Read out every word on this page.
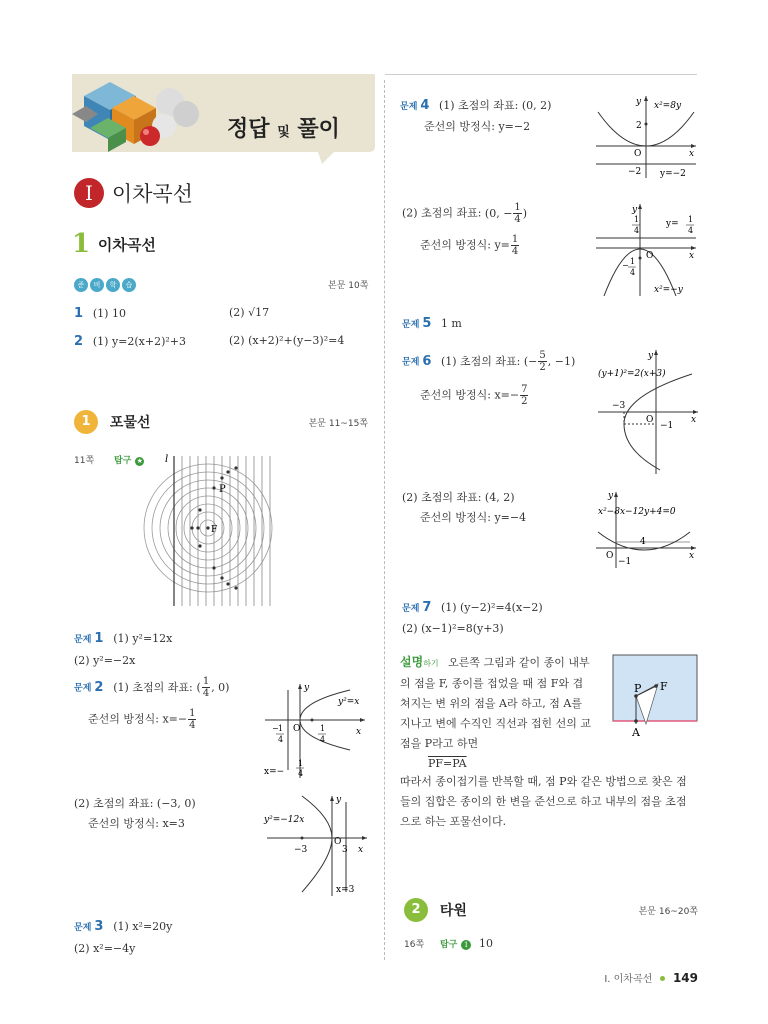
정답 및 풀이
I 이차곡선
1 이차곡선
준 비 학 습	본문 10쪽
1 (1) 10	(2) √17
2 (1) y=2(x+2)²+3	(2) (x+2)²+(y−3)²=4
1 포물선	본문 11~15쪽
11쪽 탐구 ★ l
P
F
문제 1 (1) y²=12x
(2) y²=−2x
문제 2 (1) 초점의 좌표: ( $\frac{1}{4}$ , 0)
준선의 방정식: $x=- \frac{1}{4}$
y
x
y²=x
O
− 1
4
1
4
x=−
1
4
(2) 초점의 좌표: (−3, 0)
준선의 방정식: x=3
y
x
y²=−12x
O
−3	3
x=3
문제 3 (1) x²=20y
(2) x²=−4y
문제 4 (1) 초점의 좌표: (0, 2)
준선의 방정식: y=−2
y x²=8y
x
2
O
−2 y=−2
(2) 초점의 좌표: (0, − $\frac{1}{4}$ )
준선의 방정식: $y= \frac{1}{4}$
y
x
O
1
4
y= 1
4
− 1
4
x²=−y
문제 5 1 m
문제 6 (1) 초점의 좌표: (− $\frac{5}{2}$ , −1)
준선의 방정식: $x=- \frac{7}{2}$
y
x
(y+1)²=2(x+3)
O
−3
−1
(2) 초점의 좌표: (4, 2)
준선의 방정식: y=−4
y
x
x²−8x−12y+4=0
O
4
−1
문제 7 (1) (y−2)²=4(x−2)
(2) (x−1)²=8(y+3)
설명하기 오른쪽 그림과 같이 종이 내부
의 점을 F, 종이를 접었을 때 점 F와 겹
쳐지는 변 위의 점을 A라 하고, 점 A를
지나고 변에 수직인 직선과 접힌 선의 교
점을 P라고 하면
PF=PA
P F
A
따라서 종이접기를 반복할 때, 점 P와 같은 방법으로 찾은 점
들의 집합은 종이의 한 변을 준선으로 하고 내부의 점을 초점
으로 하는 포물선이다.
2 타원	본문 16~20쪽
16쪽 탐구 1 10
I. 이차곡선 149
